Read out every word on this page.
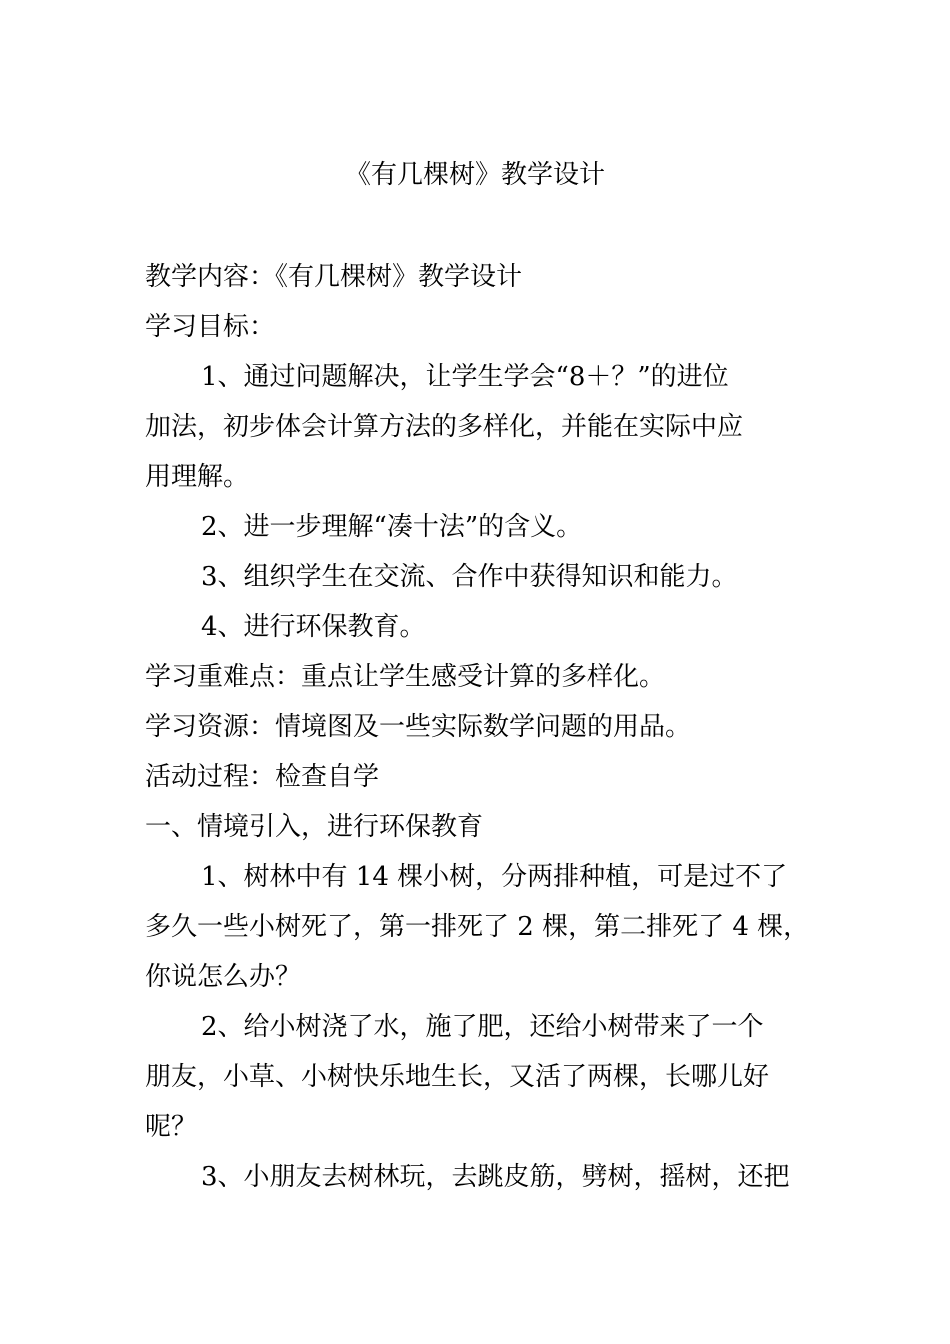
《有几棵树》教学设计
教学内容：《有几棵树》教学设计
学习目标：
1、通过问题解决，让学生学会“8＋？”的进位
加法，初步体会计算方法的多样化，并能在实际中应
用理解。
2、进一步理解“凑十法”的含义。
3、组织学生在交流、合作中获得知识和能力。
4、进行环保教育。
学习重难点：重点让学生感受计算的多样化。
学习资源：情境图及一些实际数学问题的用品。
活动过程：检查自学
一、情境引入，进行环保教育
1、树林中有 14 棵小树，分两排种植，可是过不了
多久一些小树死了，第一排死了 2 棵，第二排死了 4 棵，
你说怎么办？
2、给小树浇了水，施了肥，还给小树带来了一个
朋友，小草、小树快乐地生长，又活了两棵，长哪儿好
呢？
3、小朋友去树林玩，去跳皮筋，劈树，摇树，还把
